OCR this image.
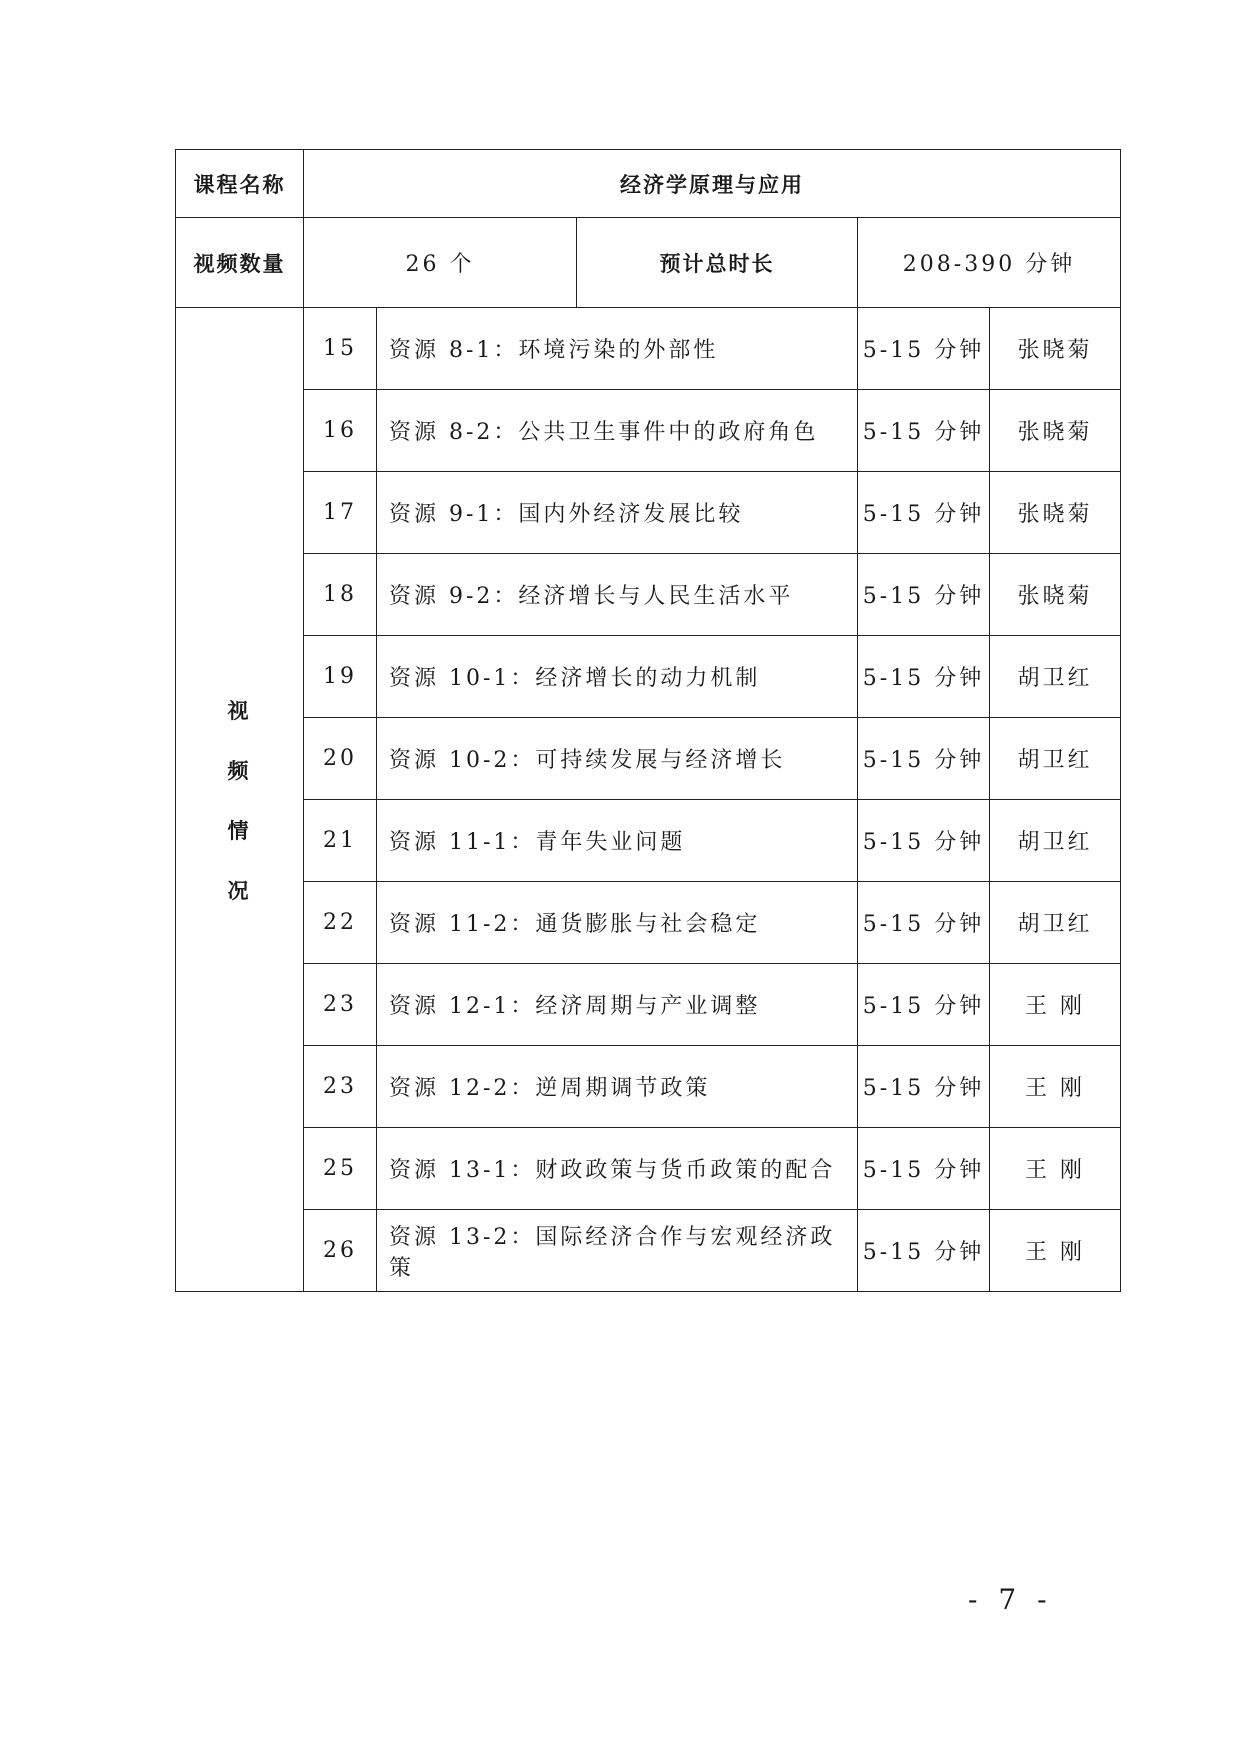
课程名称	经济学原理与应用				
视频数量	26 个		预计总时长	208-390 分钟	

视
频
情
况	15	资源 8-1：环境污染的外部性		5-15 分钟	张晓菊
	16	资源 8-2：公共卫生事件中的政府角色		5-15 分钟	张晓菊
	17	资源 9-1：国内外经济发展比较		5-15 分钟	张晓菊
	18	资源 9-2：经济增长与人民生活水平		5-15 分钟	张晓菊
	19	资源 10-1：经济增长的动力机制		5-15 分钟	胡卫红
	20	资源 10-2：可持续发展与经济增长		5-15 分钟	胡卫红
	21	资源 11-1：青年失业问题		5-15 分钟	胡卫红
	22	资源 11-2：通货膨胀与社会稳定		5-15 分钟	胡卫红
	23	资源 12-1：经济周期与产业调整		5-15 分钟	王 刚
	23	资源 12-2：逆周期调节政策		5-15 分钟	王 刚
	25	资源 13-1：财政政策与货币政策的配合		5-15 分钟	王 刚
	26	资源 13-2：国际经济合作与宏观经济政策		5-15 分钟	王 刚
- 7 -
